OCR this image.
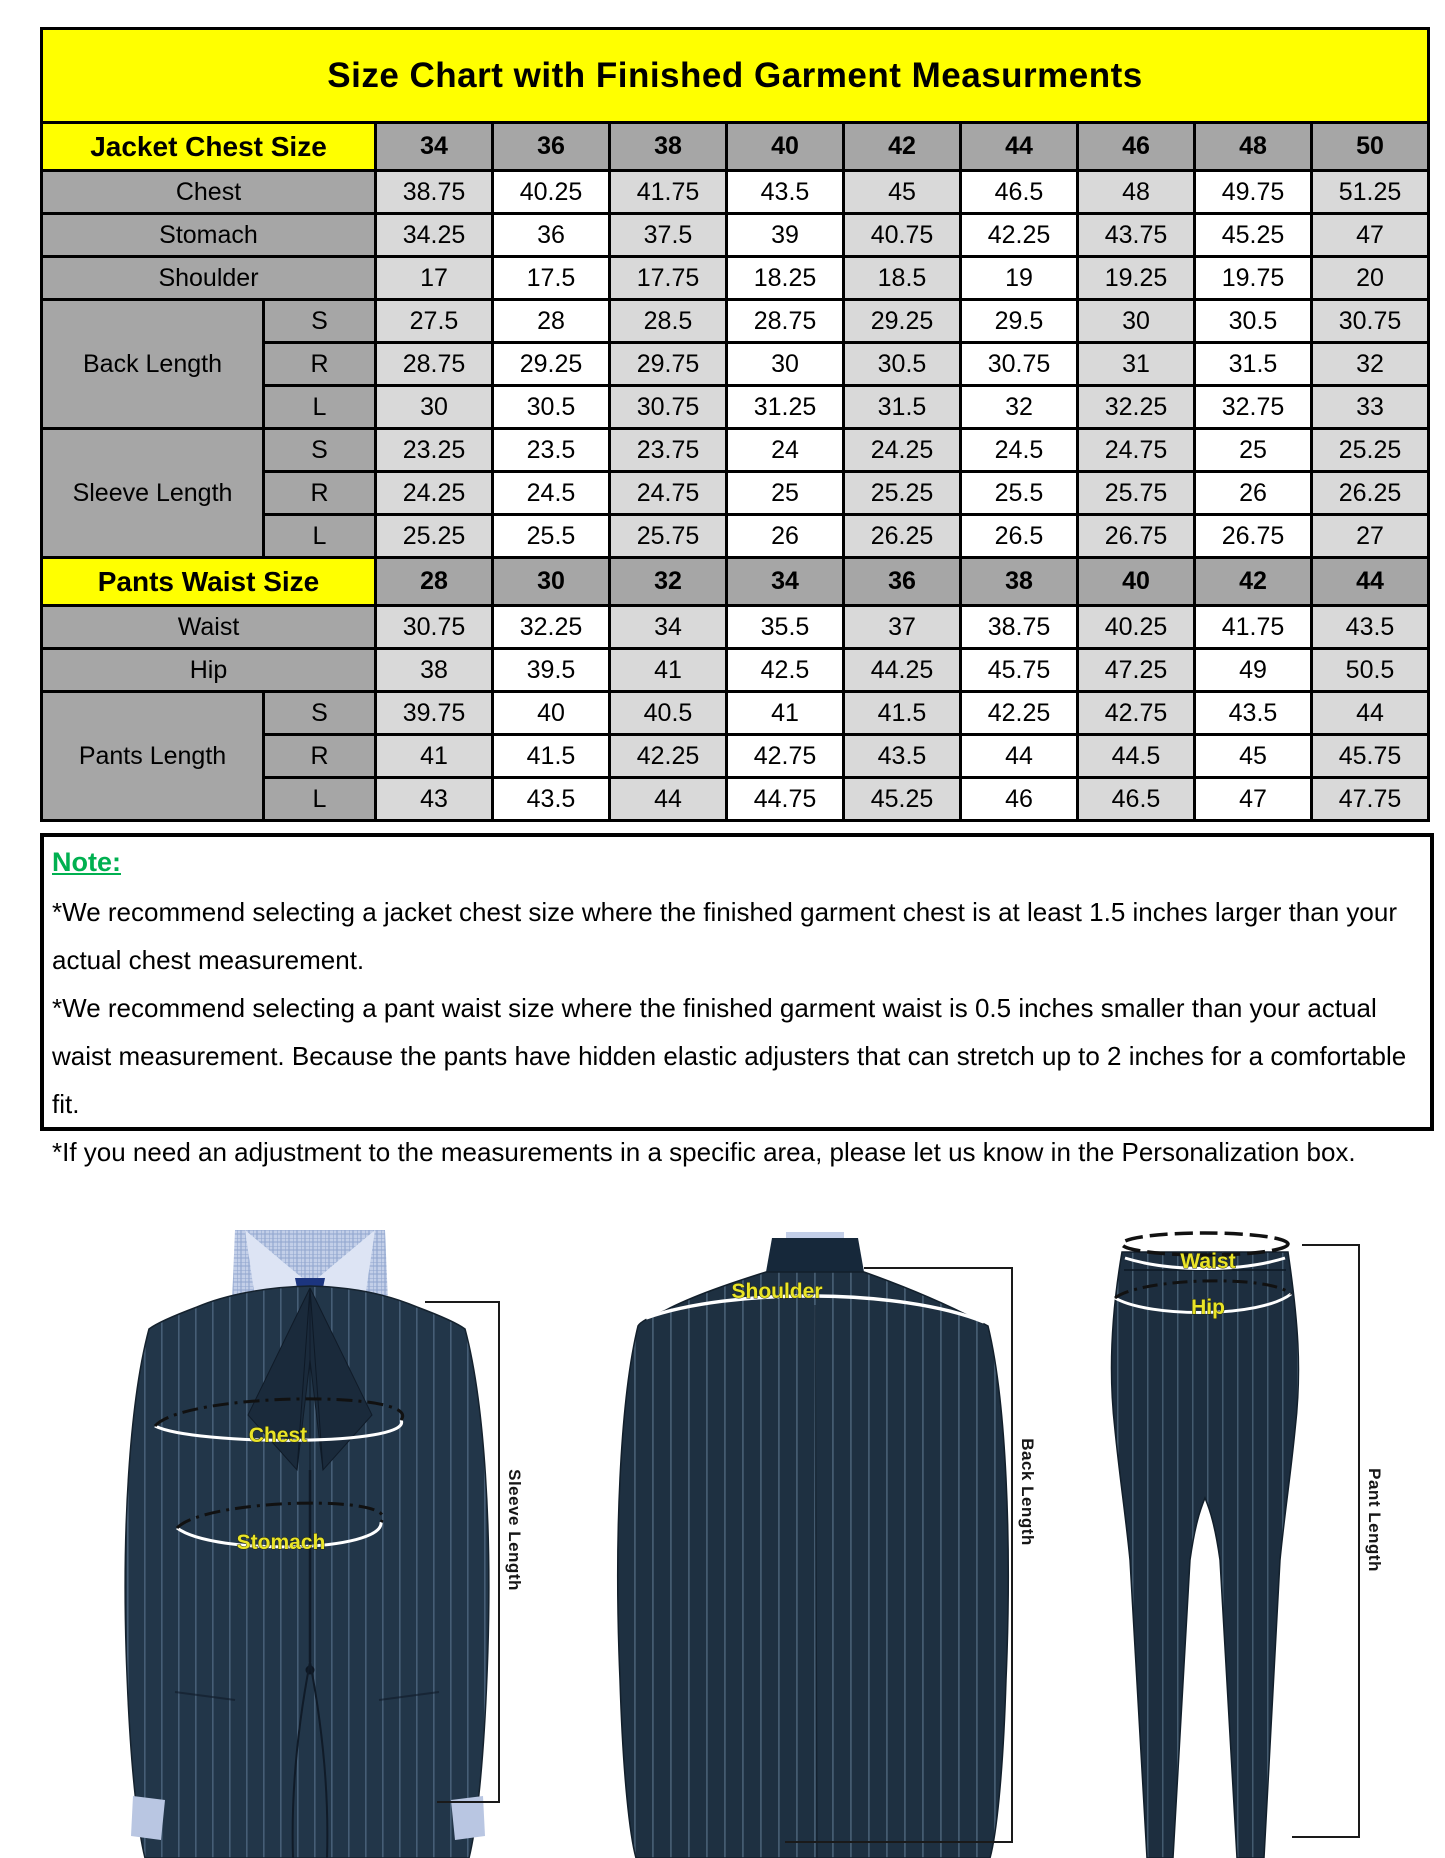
Size Chart with Finished Garment Measurments										
Jacket Chest Size		34	36	38	40	42	44	46	48	50
Chest		38.75	40.25	41.75	43.5	45	46.5	48	49.75	51.25
Stomach		34.25	36	37.5	39	40.75	42.25	43.75	45.25	47
Shoulder		17	17.5	17.75	18.25	18.5	19	19.25	19.75	20
Back Length	S	27.5	28	28.5	28.75	29.25	29.5	30	30.5	30.75
	R	28.75	29.25	29.75	30	30.5	30.75	31	31.5	32
	L	30	30.5	30.75	31.25	31.5	32	32.25	32.75	33
Sleeve Length	S	23.25	23.5	23.75	24	24.25	24.5	24.75	25	25.25
	R	24.25	24.5	24.75	25	25.25	25.5	25.75	26	26.25
	L	25.25	25.5	25.75	26	26.25	26.5	26.75	26.75	27
Pants Waist Size		28	30	32	34	36	38	40	42	44
Waist		30.75	32.25	34	35.5	37	38.75	40.25	41.75	43.5
Hip		38	39.5	41	42.5	44.25	45.75	47.25	49	50.5
Pants Length	S	39.75	40	40.5	41	41.5	42.25	42.75	43.5	44
	R	41	41.5	42.25	42.75	43.5	44	44.5	45	45.75
	L	43	43.5	44	44.75	45.25	46	46.5	47	47.75
Note:

*We recommend selecting a jacket chest size where the finished garment chest is at least 1.5 inches larger than your actual chest measurement.

*We recommend selecting a pant waist size where the finished garment waist is 0.5 inches smaller than your actual waist measurement. Because the pants have hidden elastic adjusters that can stretch up to 2 inches for a comfortable fit.

*If you need an adjustment to the measurements in a specific area, please let us know in the Personalization box.

Chest
Stomach	Sleeve Length
Shoulder
Back Length
Waist
Hip
Pant Length
